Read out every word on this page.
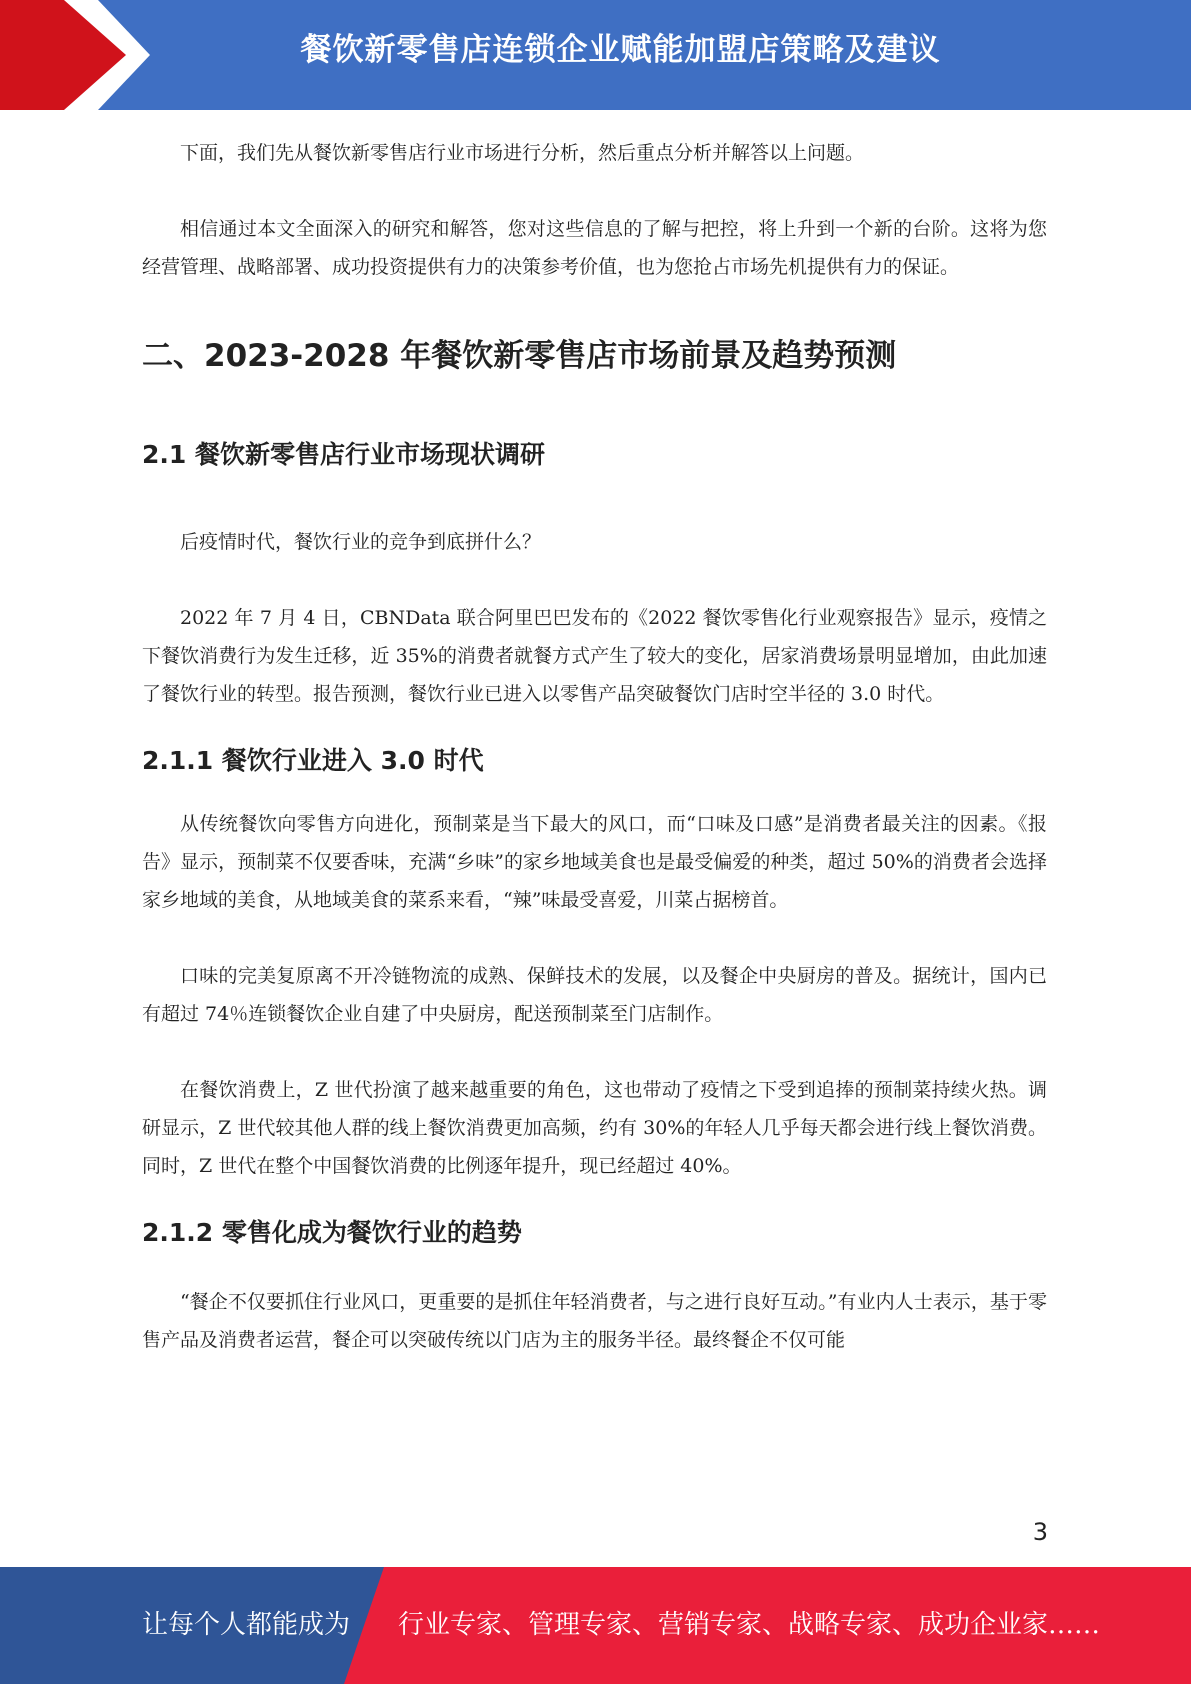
餐饮新零售店连锁企业赋能加盟店策略及建议

下面，我们先从餐饮新零售店行业市场进行分析，然后重点分析并解答以上问题。

相信通过本文全面深入的研究和解答，您对这些信息的了解与把控，将上升到一个新的台阶。这将为您经营管理、战略部署、成功投资提供有力的决策参考价值，也为您抢占市场先机提供有力的保证。

二、2023-2028 年餐饮新零售店市场前景及趋势预测
2.1 餐饮新零售店行业市场现状调研

后疫情时代，餐饮行业的竞争到底拼什么？

2022 年 7 月 4 日，CBNData 联合阿里巴巴发布的《2022 餐饮零售化行业观察报告》显示，疫情之下餐饮消费行为发生迁移，近 35%的消费者就餐方式产生了较大的变化，居家消费场景明显增加，由此加速了餐饮行业的转型。报告预测，餐饮行业已进入以零售产品突破餐饮门店时空半径的 3.0 时代。

2.1.1 餐饮行业进入 3.0 时代

从传统餐饮向零售方向进化，预制菜是当下最大的风口，而“口味及口感”是消费者最关注的因素。《报告》显示，预制菜不仅要香味，充满“乡味”的家乡地域美食也是最受偏爱的种类，超过 50%的消费者会选择家乡地域的美食，从地域美食的菜系来看，“辣”味最受喜爱，川菜占据榜首。

口味的完美复原离不开冷链物流的成熟、保鲜技术的发展，以及餐企中央厨房的普及。据统计，国内已有超过 74％连锁餐饮企业自建了中央厨房，配送预制菜至门店制作。

在餐饮消费上，Z 世代扮演了越来越重要的角色，这也带动了疫情之下受到追捧的预制菜持续火热。调研显示，Z 世代较其他人群的线上餐饮消费更加高频，约有 30%的年轻人几乎每天都会进行线上餐饮消费。同时，Z 世代在整个中国餐饮消费的比例逐年提升，现已经超过 40%。

2.1.2 零售化成为餐饮行业的趋势

“餐企不仅要抓住行业风口，更重要的是抓住年轻消费者，与之进行良好互动。”有业内人士表示，基于零售产品及消费者运营，餐企可以突破传统以门店为主的服务半径。最终餐企不仅可能

3
让每个人都能成为 行业专家、管理专家、营销专家、战略专家、成功企业家……
